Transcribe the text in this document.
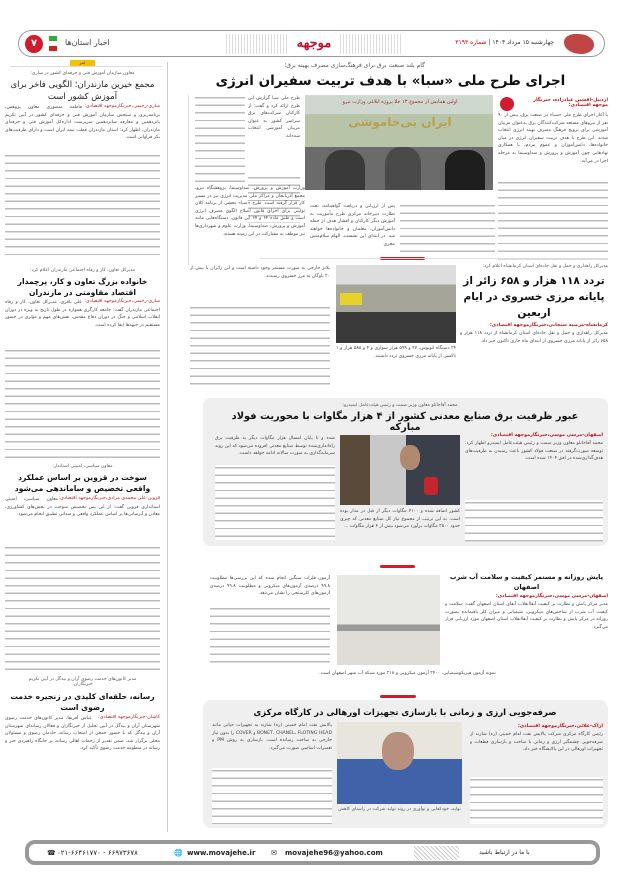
چهارشنبه ۱۵ مرداد ۱۴۰۴ | شماره ۳۱۹۳
موجهه
اخبار استان‌ها
۷
گام بلند صنعت برق برای فرهنگ‌سازی مصرف بهینه برق؛
اجرای طرح ملی «سبا» با هدف تربیت سفیران انرژی
اردبیل-افشین عبادزاده، خبرنگار موجهه اقتصادی:
با آغاز اجرای طرح ملی «سبا» در صنعت برق، بیش از ۹۰ نفر از نیروهای مستعد شرکت‌کنندگان برق به‌عنوان مربیان آموزشی برای ترویج فرهنگ مصرف بهینه انرژی انتخاب شدند. این طرح با هدف تربیت سفیران انرژی در میان خانواده‌ها، دانش‌آموزان و عموم مردم، با همکاری نهادهایی چون آموزش و پرورش و صداوسیما به مرحله اجرا در می‌آید.
اولین همایش از مجموع ۱۳ جلا پروژه ابلاغی وزارت نیرو
ایران بی‌خاموشی
طرح ملی سبا گزارش این طرح ارائه کرد و گفت: از کارکنان شرکت‌های برق سراسر کشور به عنوان مربیان آموزشی انتخاب شده‌اند.
وزارت آموزش و پرورش، صداوسیما، پژوهشگاه نیرو، مجمع آذربایجان و مراکز ملی مدیریت انرژی نیز در مسیر کار قرار گرفته است. طرح «سبا» بخشی از برنامه کلان تولیتی برای اجرای قانون اصلاح الگوی مصرف انرژی است و طبق ماده ۶۴ و ۶۷ این قانون، دستگاه‌هایی مانند آموزش و پرورش، صداوسیما، وزارت علوم و شهرداری‌ها نیز موظف به مشارکت در این زمینه هستند.
پس از ارزیابی و دریافت گواهینامه، تحت نظارت دبیرخانه مرکزی طرح مأموریت به آموزش دیگر کارکنان و اقشار هدف از جمله دانش‌آموزان، معلمان و خانواده‌ها خواهند شد. در ابتدای این نشست، الهام سلام‌منش مجری
مدیرکل راهداری و حمل و نقل جاده‌ای استان کرمانشاه اعلام کرد:
تردد ۱۱۸ هزار و ۶۵۸ زائر از پایانه مرزی خسروی در ایام اربعین
کرمانشاه-مرضیه سنجابی،خبرنگارموجهه اقتصادی:
مدیرکل راهداری و حمل و نقل جاده‌ای استان کرمانشاه از تردد ۱۱۸ هزار و ۶۵۸ زائر از پایانه مرزی خسروی از ابتدای ماه جاری تاکنون خبر داد.
۲۴ دستگاه اتوبوس، ۴۷ و ۵۹۹ هزار سواری و ۴ و ۵۸۸ هزار و ۱ تاکسی از پایانه مرزی خسروی تردد داشتند.
بلانژ خارجی به صورت مستمر وجود داشته است و این زائران با بیش از ۲۰ ناوگان به مرز خسروی رسیدند.
محمد آقاجانلو معاون وزیر صمت و رئیس هیئت‌عامل ایمیدرو:
عبور ظرفیت برق صنایع معدنی کشور از ۴ هزار مگاوات با محوریت فولاد مبارکه
اصفهان-مرسی موسی،خبرنگارموجهه اقتصادی:
محمد آقاجانلو معاون وزیر صمت و رئیس هیئت‌عامل ایمیدرو اظهار کرد: توسعه صورت‌گرفته در صنعت فولاد کشور باعث رسیدن به ظرفیت‌های هدف‌گذاری‌شده در افق ۱۴۰۴ شده است.
کشور اضافه شده و ۴۱۰۰ مگاوات دیگر از قبل در مدار بوده است. به این ترتیب از مجموع نیاز کل صنایع معدنی که چیزی حدود ۲۵۰۰ مگاوات برآورد می‌شود بیش از ۴ هزار مگاوات ...
شده و تا پایان امسال هزار مگاوات دیگر به ظرفیت برق راه‌اندازی‌شده توسط صنایع معدنی افزوده می‌شود که این روند سرمایه‌گذاری به صورت سالانه ادامه خواهد داشت.
پایش روزانه و مستمر کیفیت و سلامت آب شرب اصفهان
اصفهان-مرسی موسی،خبرنگارموجهه اقتصادی:
مدیر مرکز پایش و نظارت بر کیفیت آبفا‌انقلاب آبفای استان اصفهان گفت: سلامت و کیفیت آب شرب از شاخص‌های میکروبی، شیمیایی و میزان کلر باقیمانده بصورت روزانه در مرکز پایش و نظارت بر کیفیت آبفا‌انقلاب استان اصفهان مورد ارزیابی قرار می‌گیرد.
آزمون فلزات سنگین انجام شده که این بررسی‌ها مطلوبیت ۹۹.۸ درصدی آزمون‌های میکروبی و مطلوبیت ۹۹.۸ درصدی آزمون‌های کلرسنجی را نشان می‌دهد.
نمونه آزمون فیزیکوشیمیایی، ۲۴۰۰ آزمون میکروبی و ۲۱۸ مورد شبکه آب شهر اصفهان است.
صرفه‌جویی ارزی و زمانی با بازسازی تجهیزات اورهالی در کارگاه مرکزی
اراک-علائی،خبرنگارموجهه اقتصادی:
رئیس کارگاه مرکزی شرکت پالایش نفت امام خمینی (ره) شازند از صرفه‌جویی چشمگیر ارزی و زمانی با ساخت و بازسازی قطعات و تجهیزات اورهالی در این پالایشگاه خبر داد.
تولید، خودکفایی و نوآوری در روند تولید شرکت در راستای کاهش
پالایش نفت امام خمینی (ره) شازند به تجهیزات حیاتی مانند BONET، CHANEL، FLOTING HEAD و COVER را بدون نیاز خارجی به ساخت رسانده است. بازسازی به روش PM و تعمیرات اساسی صورت می‌گیرد.
خبر
معاون سازمان آموزش فنی و حرفه‌ای کشور در ساری:
مجمع خیرین مازندران؛ الگویی فاخر برای آموزش کشور است
ساری-رحیمی،خبرنگارموجهه اقتصادی:
فاطمه منصوری معاون پژوهش، برنامه‌ریزی و سنجش سازمان آموزش فنی و حرفه‌ای کشور در آیین تکریم پانزدهمین و معارفه شانزدهمین سرپرست اداره‌کل آموزش فنی و حرفه‌ای مازندران، اظهار کرد: استان مازندران قطب نیمه ایران است و دارای ظرفیت‌های بکر فراوانی است.
مدیرکل تعاون، کار و رفاه اجتماعی مازندران اعلام کرد:
خانواده بزرگ تعاون و کار، پرچمدار اقتصاد مقاومتی در مازندران
ساری-رحیمی،خبرنگارموجهه اقتصادی:
علی باقری، مدیرکل تعاون، کار و رفاه اجتماعی مازندران گفت: جامعه کارگری همواره در طول تاریخ به ویژه در دوران انقلاب اسلامی و جنگ در دوران دفاع مقدس، نقش‌های مهم و مؤثری در حضور مستقیم در جبهه‌ها ایفا کرده است.
معاون سیاسی، امنیتی استاندار:
سوخت در قزوین بر اساس عملکرد واقعی تخصیص و ساماندهی می‌شود
قزوین-علی محمدی مرادی،خبرنگارموجهه اقتصادی:
معاون سیاسی، امنیتی استانداری قزوین گفت: از این پس تخصیص سوخت در بخش‌های کشاورزی، معادن و آبرسانی‌ها بر اساس عملکرد واقعی و میدانی تطبیق انجام می‌شود.
مدیر کانون‌های خدمت رضوی آران و بیدگل در آیین تکریم خبرنگاران:
رسانه، حلقه‌ای کلیدی در زنجیره خدمت رضوی است
کاشان-خبرنگارموجهه اقتصادی:
عباس آفریقا، مدیر کانون‌های خدمت رضوی شهرستان آران و بیدگل در آیین تجلیل از خبرنگاران و فعالان رسانه‌ای شهرستان آران و بیدگل که با حضور جمعی از اصحاب رسانه، خادمان رضوی و مسئولان محلی برگزار شد، ضمن تقدیر از زحمات اهالی رسانه، بر جایگاه راهبردی خبر و رسانه در منظومه خدمت رضوی تأکید کرد.
☎ ۰۲۱-۶۶۴۶۱۷۷۰ - ۶۶۹۷۳۶۷۸	🌐 www.movajehe.ir ✉ movajehe96@yahoo.com	با ما در ارتباط باشید
